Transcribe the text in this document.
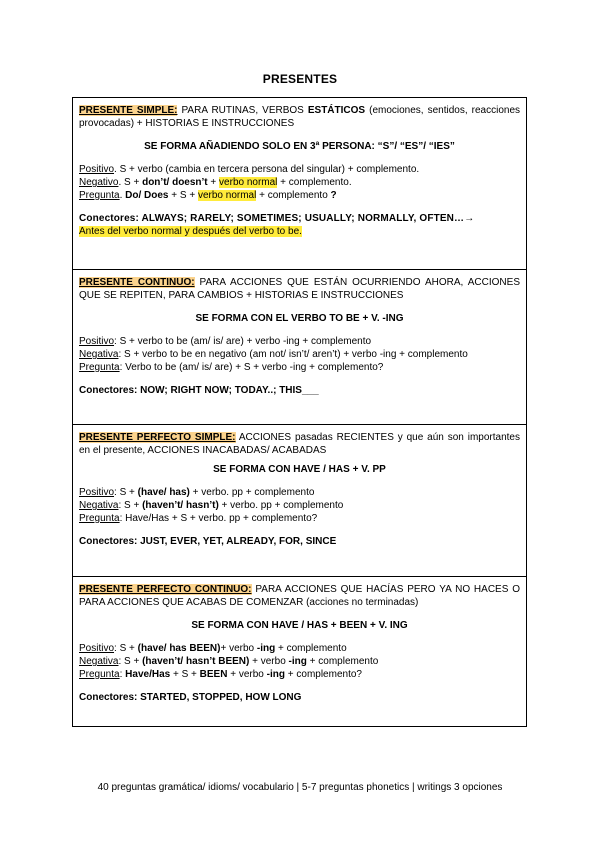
PRESENTES
PRESENTE SIMPLE: PARA RUTINAS, VERBOS ESTÁTICOS (emociones, sentidos, reacciones provocadas) + HISTORIAS E INSTRUCCIONES
SE FORMA AÑADIENDO SOLO EN 3ª PERSONA: “S”/ “ES”/ “IES”
Positivo. S + verbo (cambia en tercera persona del singular) + complemento.
Negativo. S + don’t/ doesn’t + verbo normal + complemento.
Pregunta. Do/ Does + S + verbo normal + complemento ?
Conectores: ALWAYS; RARELY; SOMETIMES; USUALLY; NORMALLY, OFTEN…→
Antes del verbo normal y después del verbo to be.
PRESENTE CONTINUO: PARA ACCIONES QUE ESTÁN OCURRIENDO AHORA, ACCIONES QUE SE REPITEN, PARA CAMBIOS + HISTORIAS E INSTRUCCIONES
SE FORMA CON EL VERBO TO BE + V. -ING
Positivo: S + verbo to be (am/ is/ are) + verbo -ing + complemento
Negativa: S + verbo to be en negativo (am not/ isn’t/ aren’t) + verbo -ing + complemento
Pregunta: Verbo to be (am/ is/ are) + S + verbo -ing + complemento?
Conectores: NOW; RIGHT NOW; TODAY..; THIS___
PRESENTE PERFECTO SIMPLE: ACCIONES pasadas RECIENTES y que aún son importantes en el presente, ACCIONES INACABADAS/ ACABADAS
SE FORMA CON HAVE / HAS + V. PP
Positivo: S + (have/ has) + verbo. pp + complemento
Negativa: S + (haven’t/ hasn’t) + verbo. pp + complemento
Pregunta: Have/Has + S + verbo. pp + complemento?
Conectores: JUST, EVER, YET, ALREADY, FOR, SINCE
PRESENTE PERFECTO CONTINUO: PARA ACCIONES QUE HACÍAS PERO YA NO HACES O PARA ACCIONES QUE ACABAS DE COMENZAR (acciones no terminadas)
SE FORMA CON HAVE / HAS + BEEN + V. ING
Positivo: S + (have/ has BEEN)+ verbo -ing + complemento
Negativa: S + (haven’t/ hasn’t BEEN) + verbo -ing + complemento
Pregunta: Have/Has + S + BEEN + verbo -ing + complemento?
Conectores: STARTED, STOPPED, HOW LONG
40 preguntas gramática/ idioms/ vocabulario | 5-7 preguntas phonetics | writings 3 opciones
